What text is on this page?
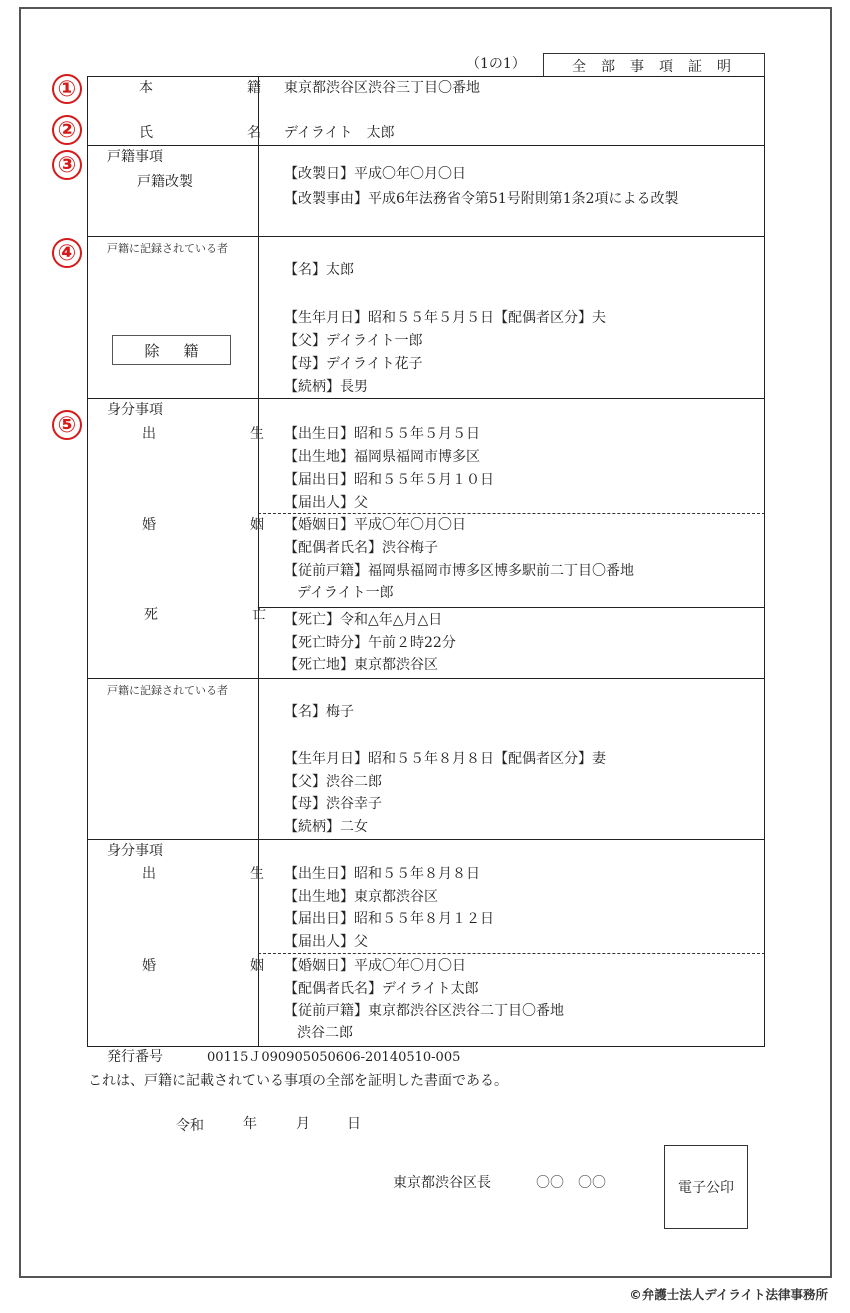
（1の1）	全部事項証明
①
②
③
④
⑤
本　籍
東京都渋谷区渋谷三丁目〇番地
氏　名
デイライト　太郎
戸籍事項
戸籍改製	【改製日】平成〇年〇月〇日
【改製事由】平成6年法務省令第51号附則第1条2項による改製
戸籍に記録されている者
除籍
【名】太郎
【生年月日】昭和５５年５月５日【配偶者区分】夫
【父】デイライト一郎
【母】デイライト花子
【続柄】長男
身分事項
出　生
【出生日】昭和５５年５月５日
【出生地】福岡県福岡市博多区
【届出日】昭和５５年５月１０日
【届出人】父
婚　姻
【婚姻日】平成〇年〇月〇日
【配偶者氏名】渋谷梅子
【従前戸籍】福岡県福岡市博多区博多駅前二丁目〇番地
デイライト一郎
死　亡
【死亡】令和△年△月△日
【死亡時分】午前２時22分
【死亡地】東京都渋谷区
戸籍に記録されている者
【名】梅子
【生年月日】昭和５５年８月８日【配偶者区分】妻
【父】渋谷二郎
【母】渋谷幸子
【続柄】二女
身分事項
出　生
【出生日】昭和５５年８月８日
【出生地】東京都渋谷区
【届出日】昭和５５年８月１２日
【届出人】父
婚　姻
【婚姻日】平成〇年〇月〇日
【配偶者氏名】デイライト太郎
【従前戸籍】東京都渋谷区渋谷二丁目〇番地
渋谷二郎
発行番号	00115Ｊ090905050606-20140510-005
これは、戸籍に記載されている事項の全部を証明した書面である。
令和	年	月	日
東京都渋谷区長	〇〇　〇〇	電子公印
©弁護士法人デイライト法律事務所
